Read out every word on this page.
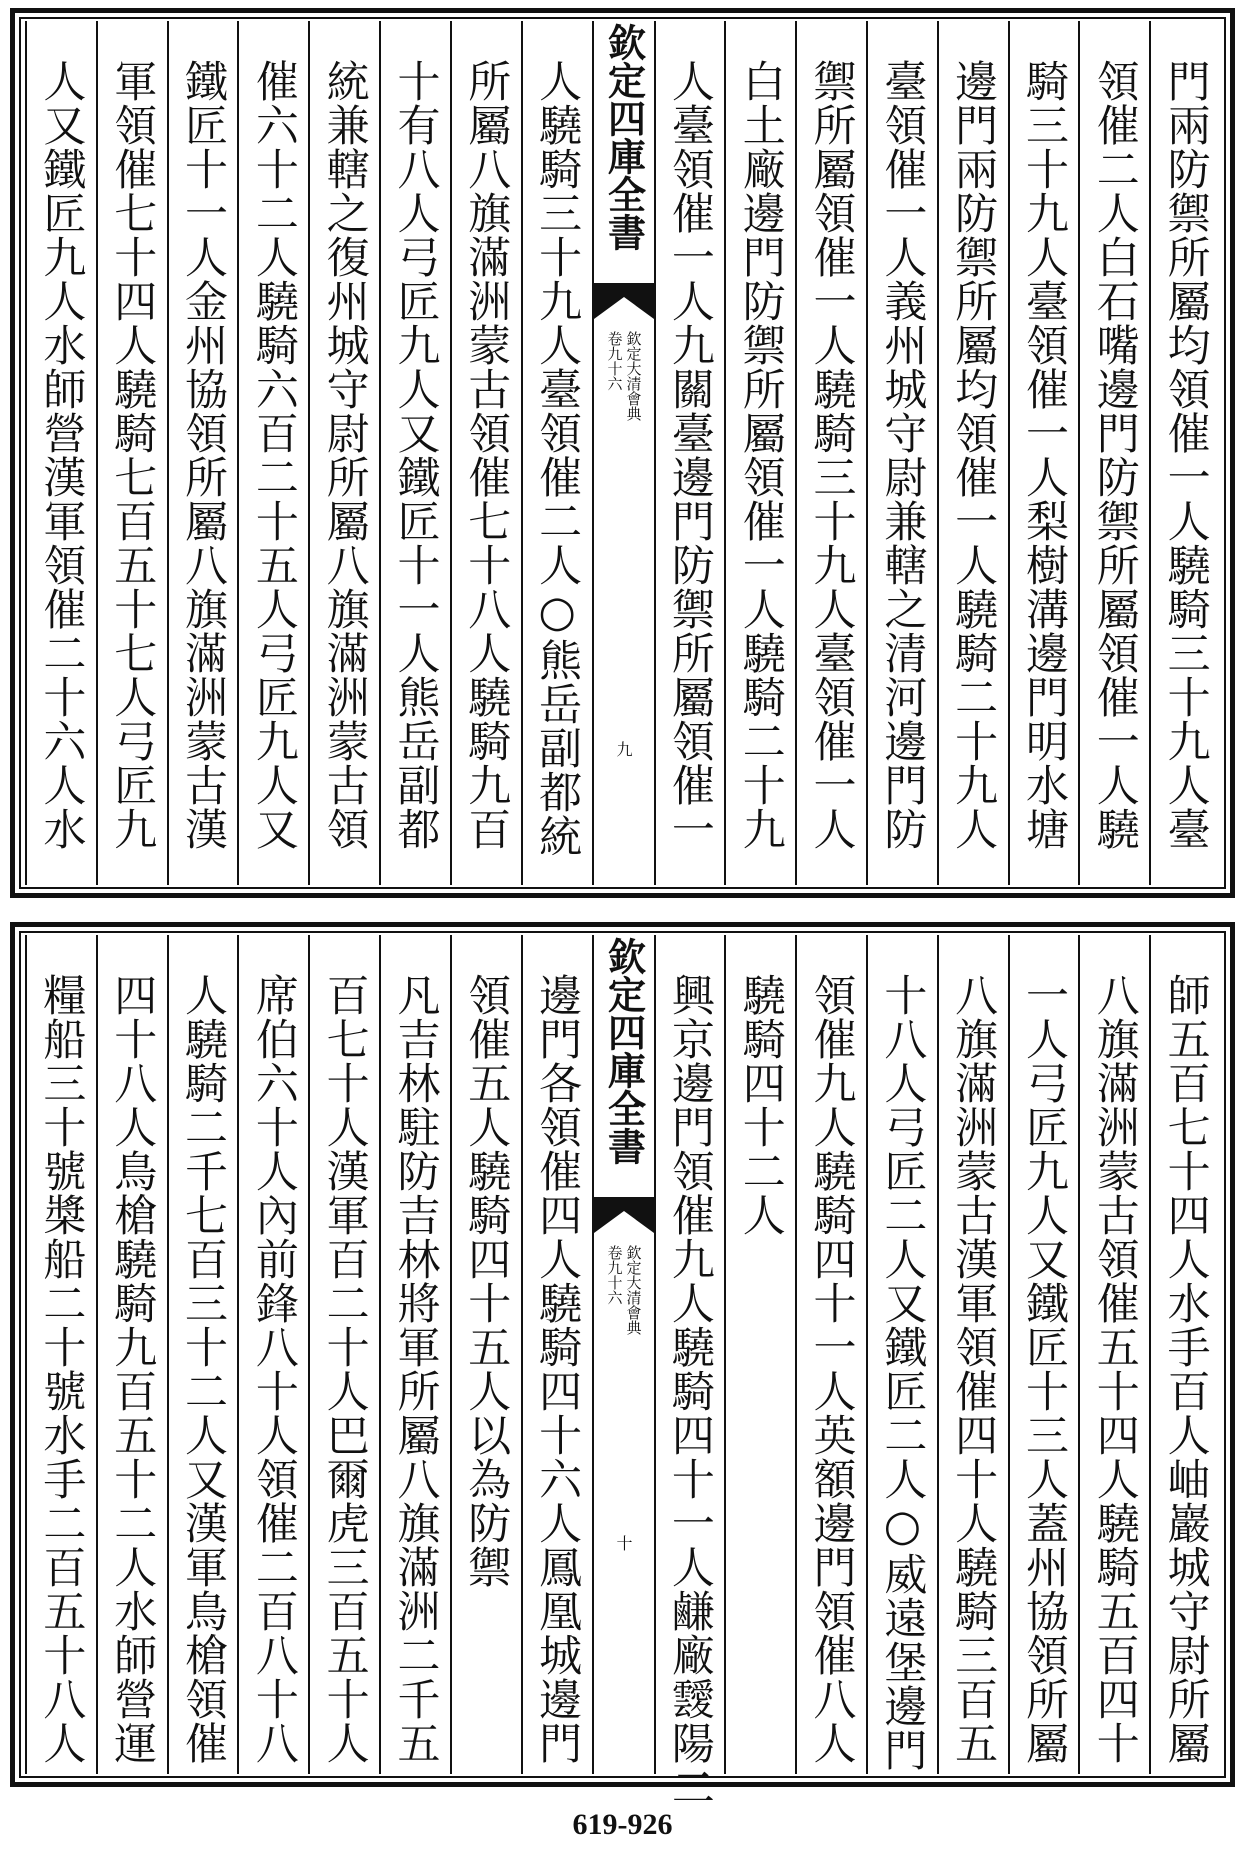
門兩防禦所屬均領催一人驍騎三十九人臺
領催二人白石嘴邊門防禦所屬領催一人驍
騎三十九人臺領催一人梨樹溝邊門明水塘
邊門兩防禦所屬均領催一人驍騎二十九人
臺領催一人義州城守尉兼轄之清河邊門防
禦所屬領催一人驍騎三十九人臺領催一人
白土廠邊門防禦所屬領催一人驍騎二十九
人臺領催一人九關臺邊門防禦所屬領催一
欽定四庫全書
欽定大清會典
卷九十六
九
人驍騎三十九人臺領催二人○熊岳副都統
所屬八旗滿洲蒙古領催七十八人驍騎九百
十有八人弓匠九人又鐵匠十一人熊岳副都
統兼轄之復州城守尉所屬八旗滿洲蒙古領
催六十二人驍騎六百二十五人弓匠九人又
鐵匠十一人金州協領所屬八旗滿洲蒙古漢
軍領催七十四人驍騎七百五十七人弓匠九
人又鐵匠九人水師營漢軍領催二十六人水
師五百七十四人水手百人岫巖城守尉所屬
八旗滿洲蒙古領催五十四人驍騎五百四十
一人弓匠九人又鐵匠十三人蓋州協領所屬
八旗滿洲蒙古漢軍領催四十人驍騎三百五
十八人弓匠二人又鐵匠二人○威遠堡邊門
領催九人驍騎四十一人英額邊門領催八人
驍騎四十二人
興京邊門領催九人驍騎四十一人鹻廠靉陽二
欽定四庫全書
欽定大清會典
卷九十六
十
邊門各領催四人驍騎四十六人鳳凰城邊門
領催五人驍騎四十五人以為防禦
凡吉林駐防吉林將軍所屬八旗滿洲二千五
百七十人漢軍百二十人巴爾虎三百五十人
席伯六十人內前鋒八十人領催二百八十八
人驍騎二千七百三十二人又漢軍鳥槍領催
四十八人鳥槍驍騎九百五十二人水師營運
糧船三十號槳船二十號水手二百五十八人
619-926
